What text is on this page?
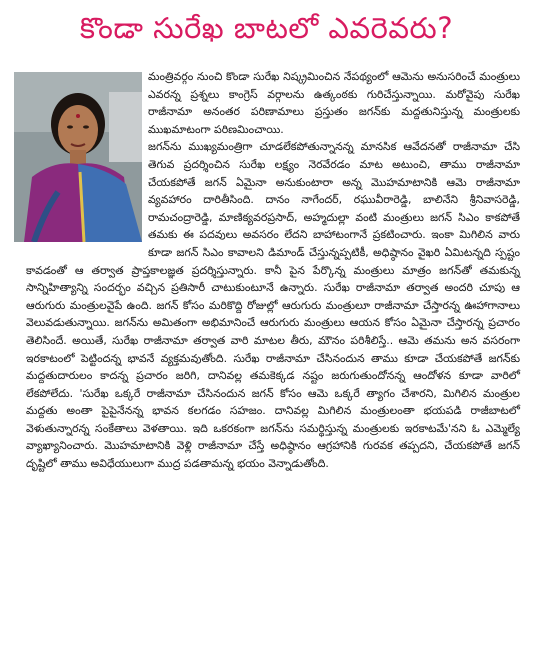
కొండా సురేఖ బాటలో ఎవరెవరు?

మంత్రివర్గం నుంచి కొండా సురేఖ నిష్క్రమించిన నేపథ్యంలో ఆమెను అనుసరించే మంత్రులు ఎవరన్న ప్రశ్నలు కాంగ్రెస్ వర్గాలను ఉత్కంఠకు గురిచేస్తున్నాయి. మరోవైపు సురేఖ రాజీనామా అనంతర పరిణామాలు ప్రస్తుతం జగన్‌కు మద్దతునిస్తున్న మంత్రులకు ముఖమాటంగా పరిణమించాయి.

జగన్‌ను ముఖ్యమంత్రిగా చూడలేకపోతున్నానన్న మానసిక ఆవేదనతో రాజీనామా చేసి తెగువ ప్రదర్శించిన సురేఖ లక్ష్యం నెరవేరడం మాట అటుంచి, తాము రాజీనామా చేయకపోతే జగన్ ఏమైనా అనుకుంటారా అన్న మొహమాటానికి ఆమె రాజీనామా వ్యవహారం దారితీసింది. దానం నాగేందర్, రఘువీరారెడ్డి, బాలినేని శ్రీనివాసరెడ్డి, రామచంద్రారెడ్డి, మాణిక్యవరప్రసాద్, అహ్మదుల్లా వంటి మంత్రులు జగన్ సిఎం కాకపోతే తమకు ఈ పదవులు అవసరం లేదని బాహాటంగానే ప్రకటించారు. ఇంకా మిగిలిన వారు కూడా జగన్ సిఎం కావాలని డిమాండ్ చేస్తున్నప్పటికీ, అధిష్ఠానం వైఖరి ఏమిటన్నది స్పష్టం కావడంతో ఆ తర్వాత ప్రాప్తకాలజ్ఞత ప్రదర్శిస్తున్నారు. కానీ పైన పేర్కొన్న మంత్రులు మాత్రం జగన్‌తో తమకున్న సాన్నిహిత్యాన్ని సందర్భం వచ్చిన ప్రతిసారీ చాటుకుంటూనే ఉన్నారు. సురేఖ రాజీనామా తర్వాత అందరి చూపు ఆ ఆరుగురు మంత్రులవైపే ఉంది. జగన్ కోసం మరికొద్ది రోజుల్లో ఆరుగురు మంత్రులూ రాజీనామా చేస్తారన్న ఊహాగానాలు వెలువడుతున్నాయి. జగన్‌ను అమితంగా అభిమానించే ఆరుగురు మంత్రులు ఆయన కోసం ఏమైనా చేస్తారన్న ప్రచారం తెలిసిందే. అయితే, సురేఖ రాజీనామా తర్వాత వారి మాటల తీరు, మౌనం పరిశీలిస్తే.. ఆమె తమను అన వసరంగా ఇరకాటంలో పెట్టిందన్న భావనే వ్యక్తమవుతోంది. సురేఖ రాజీనామా చేసినందున తాము కూడా చేయకపోతే జగన్‌కు మద్దతుదారులం కాదన్న ప్రచారం జరిగి, దానివల్ల తమకెక్కడ నష్టం జరుగుతుందోనన్న ఆందోళన కూడా వారిలో లేకపోలేదు. 'సురేఖ ఒక్కరే రాజీనామా చేసినందున జగన్ కోసం ఆమె ఒక్కరే త్యాగం చేశారని, మిగిలిన మంత్రుల మద్దతు అంతా పైపైనేనన్న భావన కలగడం సహజం. దానివల్ల మిగిలిన మంత్రులంతా భయపడి రాజీబాటలో వెళుతున్నారన్న సంకేతాలు వెళతాయి. ఇది ఒకరకంగా జగన్‌ను సమర్థిస్తున్న మంత్రులకు ఇరకాటమే'నని ఓ ఎమ్మెల్యే వ్యాఖ్యానించారు. మొహమాటానికి వెళ్లి రాజీనామా చేస్తే అధిష్ఠానం ఆగ్రహానికి గురవక తప్పదని, చేయకపోతే జగన్ దృష్టిలో తాము అవిధేయులుగా ముద్ర పడతామన్న భయం వెన్నాడుతోంది.
